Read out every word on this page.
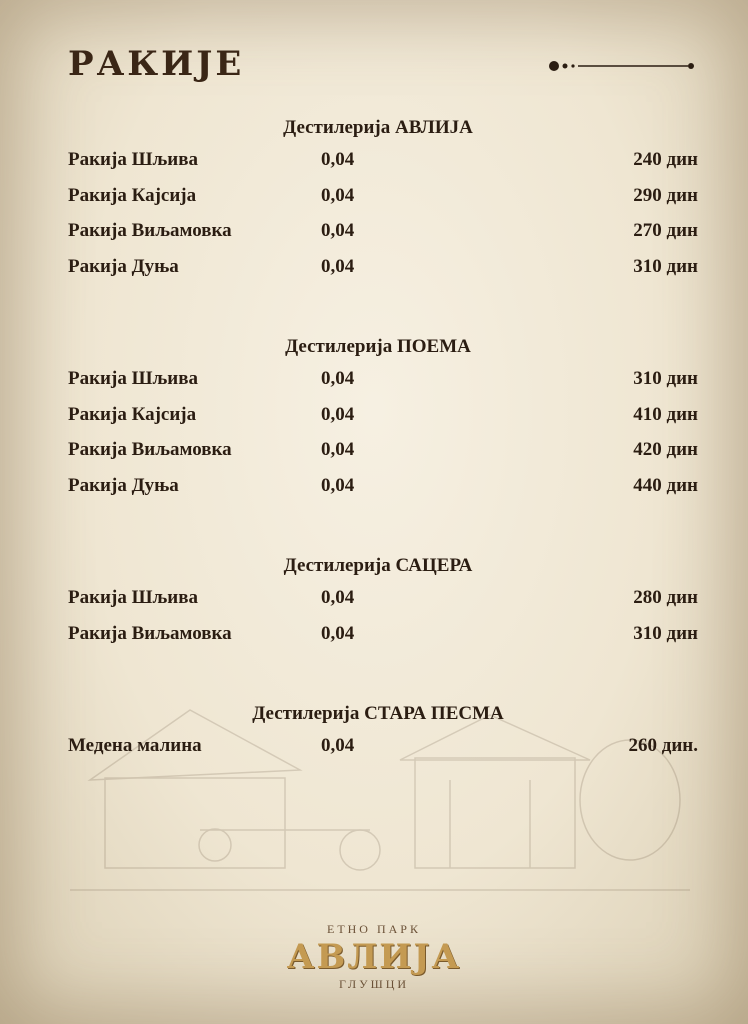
РАКИЈЕ
Дестилерија АВЛИЈА
Ракија Шљива	0,04	240 дин
Ракија Кајсија	0,04	290 дин
Ракија Виљамовка	0,04	270 дин
Ракија Дуња	0,04	310 дин
Дестилерија ПОЕМА
Ракија Шљива	0,04	310 дин
Ракија Кајсија	0,04	410 дин
Ракија Виљамовка	0,04	420 дин
Ракија Дуња	0,04	440 дин
Дестилерија САЦЕРА
Ракија Шљива	0,04	280 дин
Ракија Виљамовка	0,04	310 дин
Дестилерија СТАРА ПЕСМА
Медена малина	0,04	260 дин.
ЕТНО ПАРК
АВЛИЈА
ГЛУШЦИ
